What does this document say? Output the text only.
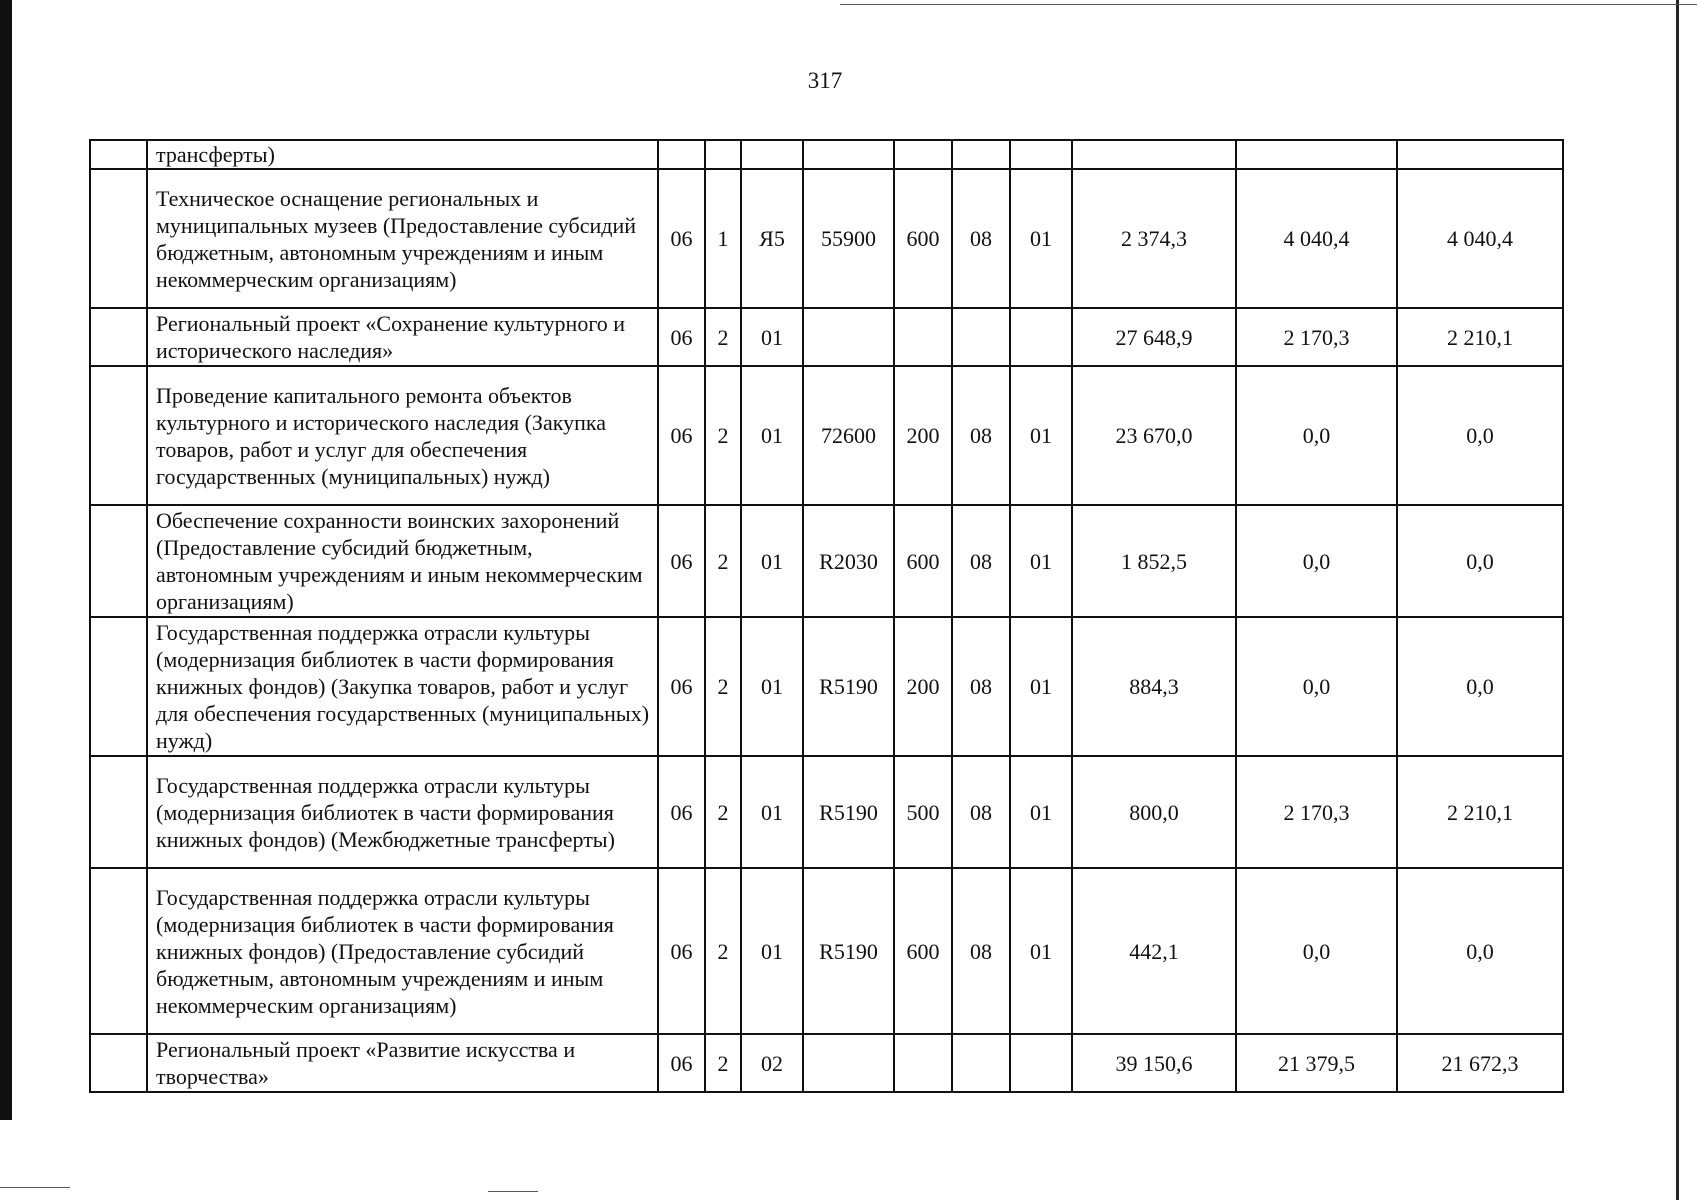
317
	трансферты)										
	Техническое оснащение региональных и муниципальных музеев (Предоставление субсидий бюджетным, автономным учреждениям и иным некоммерческим организациям)	06	1	Я5	55900	600	08	01	2 374,3	4 040,4	4 040,4
	Региональный проект «Сохранение культурного и исторического наследия»	06	2	01					27 648,9	2 170,3	2 210,1
	Проведение капитального ремонта объектов культурного и исторического наследия (Закупка товаров, работ и услуг для обеспечения государственных (муниципальных) нужд)	06	2	01	72600	200	08	01	23 670,0	0,0	0,0
	Обеспечение сохранности воинских захоронений (Предоставление субсидий бюджетным, автономным учреждениям и иным некоммерческим организациям)	06	2	01	R2030	600	08	01	1 852,5	0,0	0,0
	Государственная поддержка отрасли культуры (модернизация библиотек в части формирования книжных фондов) (Закупка товаров, работ и услуг для обеспечения государственных (муниципальных) нужд)	06	2	01	R5190	200	08	01	884,3	0,0	0,0
	Государственная поддержка отрасли культуры (модернизация библиотек в части формирования книжных фондов) (Межбюджетные трансферты)	06	2	01	R5190	500	08	01	800,0	2 170,3	2 210,1
	Государственная поддержка отрасли культуры (модернизация библиотек в части формирования книжных фондов) (Предоставление субсидий бюджетным, автономным учреждениям и иным некоммерческим организациям)	06	2	01	R5190	600	08	01	442,1	0,0	0,0
	Региональный проект «Развитие искусства и творчества»	06	2	02					39 150,6	21 379,5	21 672,3
